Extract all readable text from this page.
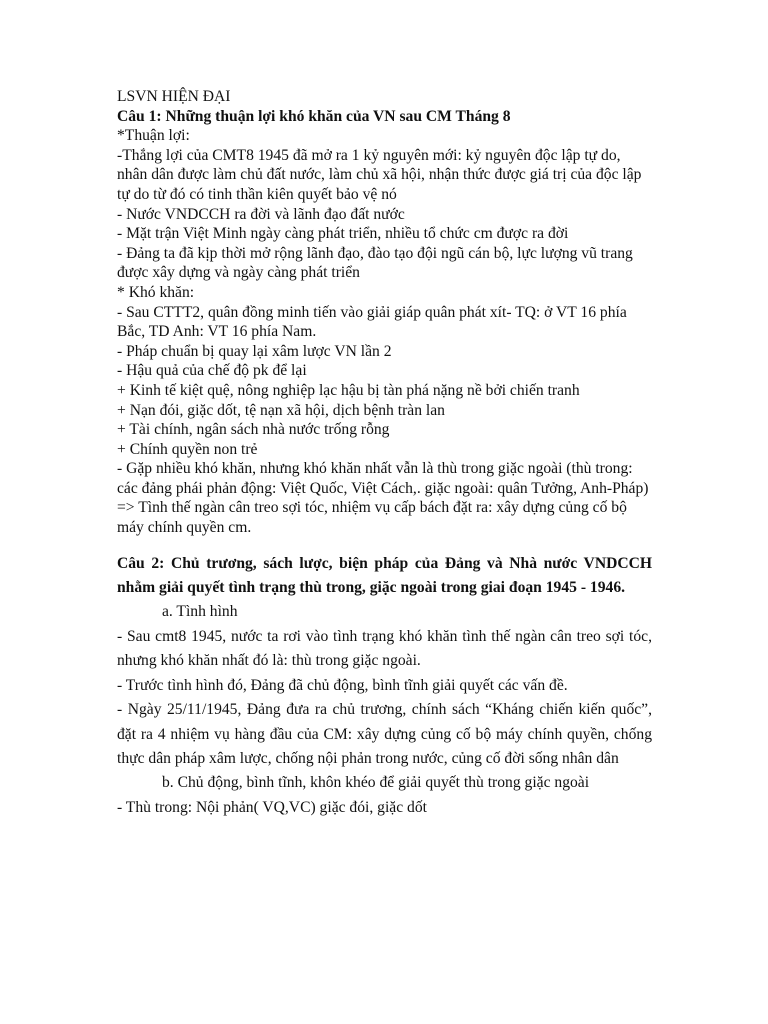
LSVN HIỆN ĐẠI

Câu 1: Những thuận lợi khó khăn của VN sau CM Tháng 8

*Thuận lợi:

-Thắng lợi của CMT8 1945 đã mở ra 1 kỷ nguyên mới: kỷ nguyên độc lập tự do, nhân dân được làm chủ đất nước, làm chủ xã hội, nhận thức được giá trị của độc lập tự do từ đó có tinh thần kiên quyết bảo vệ nó

- Nước VNDCCH ra đời và lãnh đạo đất nước

- Mặt trận Việt Minh ngày càng phát triển, nhiều tổ chức cm được ra đời

- Đảng ta đã kịp thời mở rộng lãnh đạo, đào tạo đội ngũ cán bộ, lực lượng vũ trang được xây dựng và ngày càng phát triển

* Khó khăn:

- Sau CTTT2, quân đồng minh tiến vào giải giáp quân phát xít- TQ: ở VT 16 phía Bắc, TD Anh: VT 16 phía Nam.

- Pháp chuẩn bị quay lại xâm lược VN lần 2

- Hậu quả của chế độ pk để lại

+ Kinh tế kiệt quệ, nông nghiệp lạc hậu bị tàn phá nặng nề bởi chiến tranh

+ Nạn đói, giặc dốt, tệ nạn xã hội, dịch bệnh tràn lan

+ Tài chính, ngân sách nhà nước trống rỗng

+ Chính quyền non trẻ

- Gặp nhiều khó khăn, nhưng khó khăn nhất vẫn là thù trong giặc ngoài (thù trong: các đảng phái phản động: Việt Quốc, Việt Cách,. giặc ngoài: quân Tưởng, Anh-Pháp)

=> Tình thế ngàn cân treo sợi tóc, nhiệm vụ cấp bách đặt ra: xây dựng củng cố bộ máy chính quyền cm.

Câu 2: Chủ trương, sách lược, biện pháp của Đảng và Nhà nước VNDCCH nhằm giải quyết tình trạng thù trong, giặc ngoài trong giai đoạn 1945 - 1946.

a. Tình hình

- Sau cmt8 1945, nước ta rơi vào tình trạng khó khăn tình thế ngàn cân treo sợi tóc, nhưng khó khăn nhất đó là: thù trong giặc ngoài.

- Trước tình hình đó, Đảng đã chủ động, bình tĩnh giải quyết các vấn đề.

- Ngày 25/11/1945, Đảng đưa ra chủ trương, chính sách “Kháng chiến kiến quốc”, đặt ra 4 nhiệm vụ hàng đầu của CM: xây dựng củng cố bộ máy chính quyền, chống thực dân pháp xâm lược, chống nội phản trong nước, củng cố đời sống nhân dân

b. Chủ động, bình tĩnh, khôn khéo để giải quyết thù trong giặc ngoài

- Thù trong: Nội phản( VQ,VC) giặc đói, giặc dốt
